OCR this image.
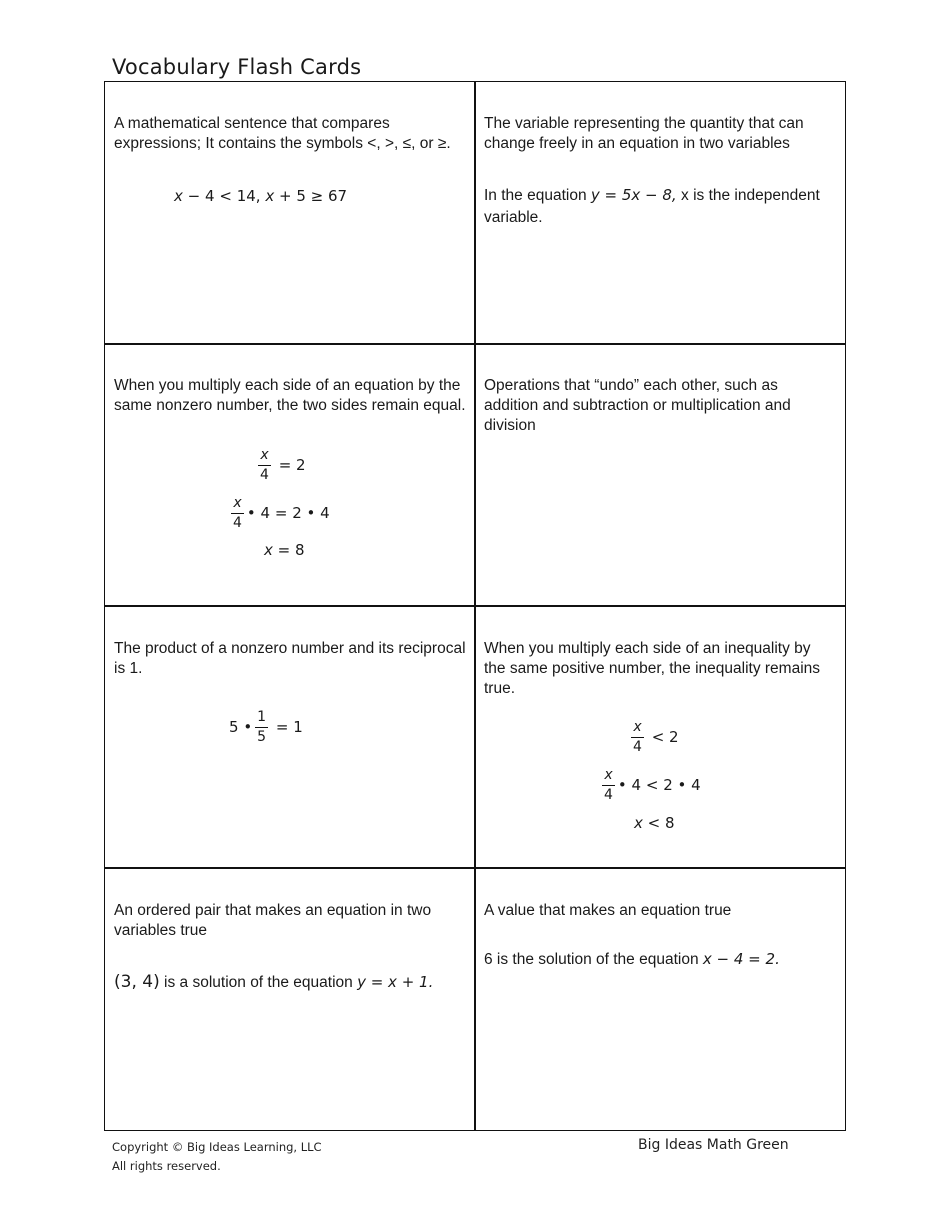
Vocabulary Flash Cards
A mathematical sentence that compares expressions; It contains the symbols <, >, ≤, or ≥.
x − 4 < 14, x + 5 ≥ 67
The variable representing the quantity that can change freely in an equation in two variables
In the equation y = 5x − 8, x is the independent variable.
When you multiply each side of an equation by the same nonzero number, the two sides remain equal.
$\frac{x}{4} = 2$
$\frac{x}{4}$ • 4 = 2 • 4
x = 8
Operations that “undo” each other, such as addition and subtraction or multiplication and division
The product of a nonzero number and its reciprocal is 1.
5 • $\frac{1}{5} = 1$
When you multiply each side of an inequality by the same positive number, the inequality remains true.
$\frac{x}{4} < 2$
$\frac{x}{4}$ • 4 < 2 • 4
x < 8
An ordered pair that makes an equation in two variables true
(3, 4) is a solution of the equation y = x + 1.
A value that makes an equation true
6 is the solution of the equation x − 4 = 2.
Copyright © Big Ideas Learning, LLC
All rights reserved.
Big Ideas Math Green
